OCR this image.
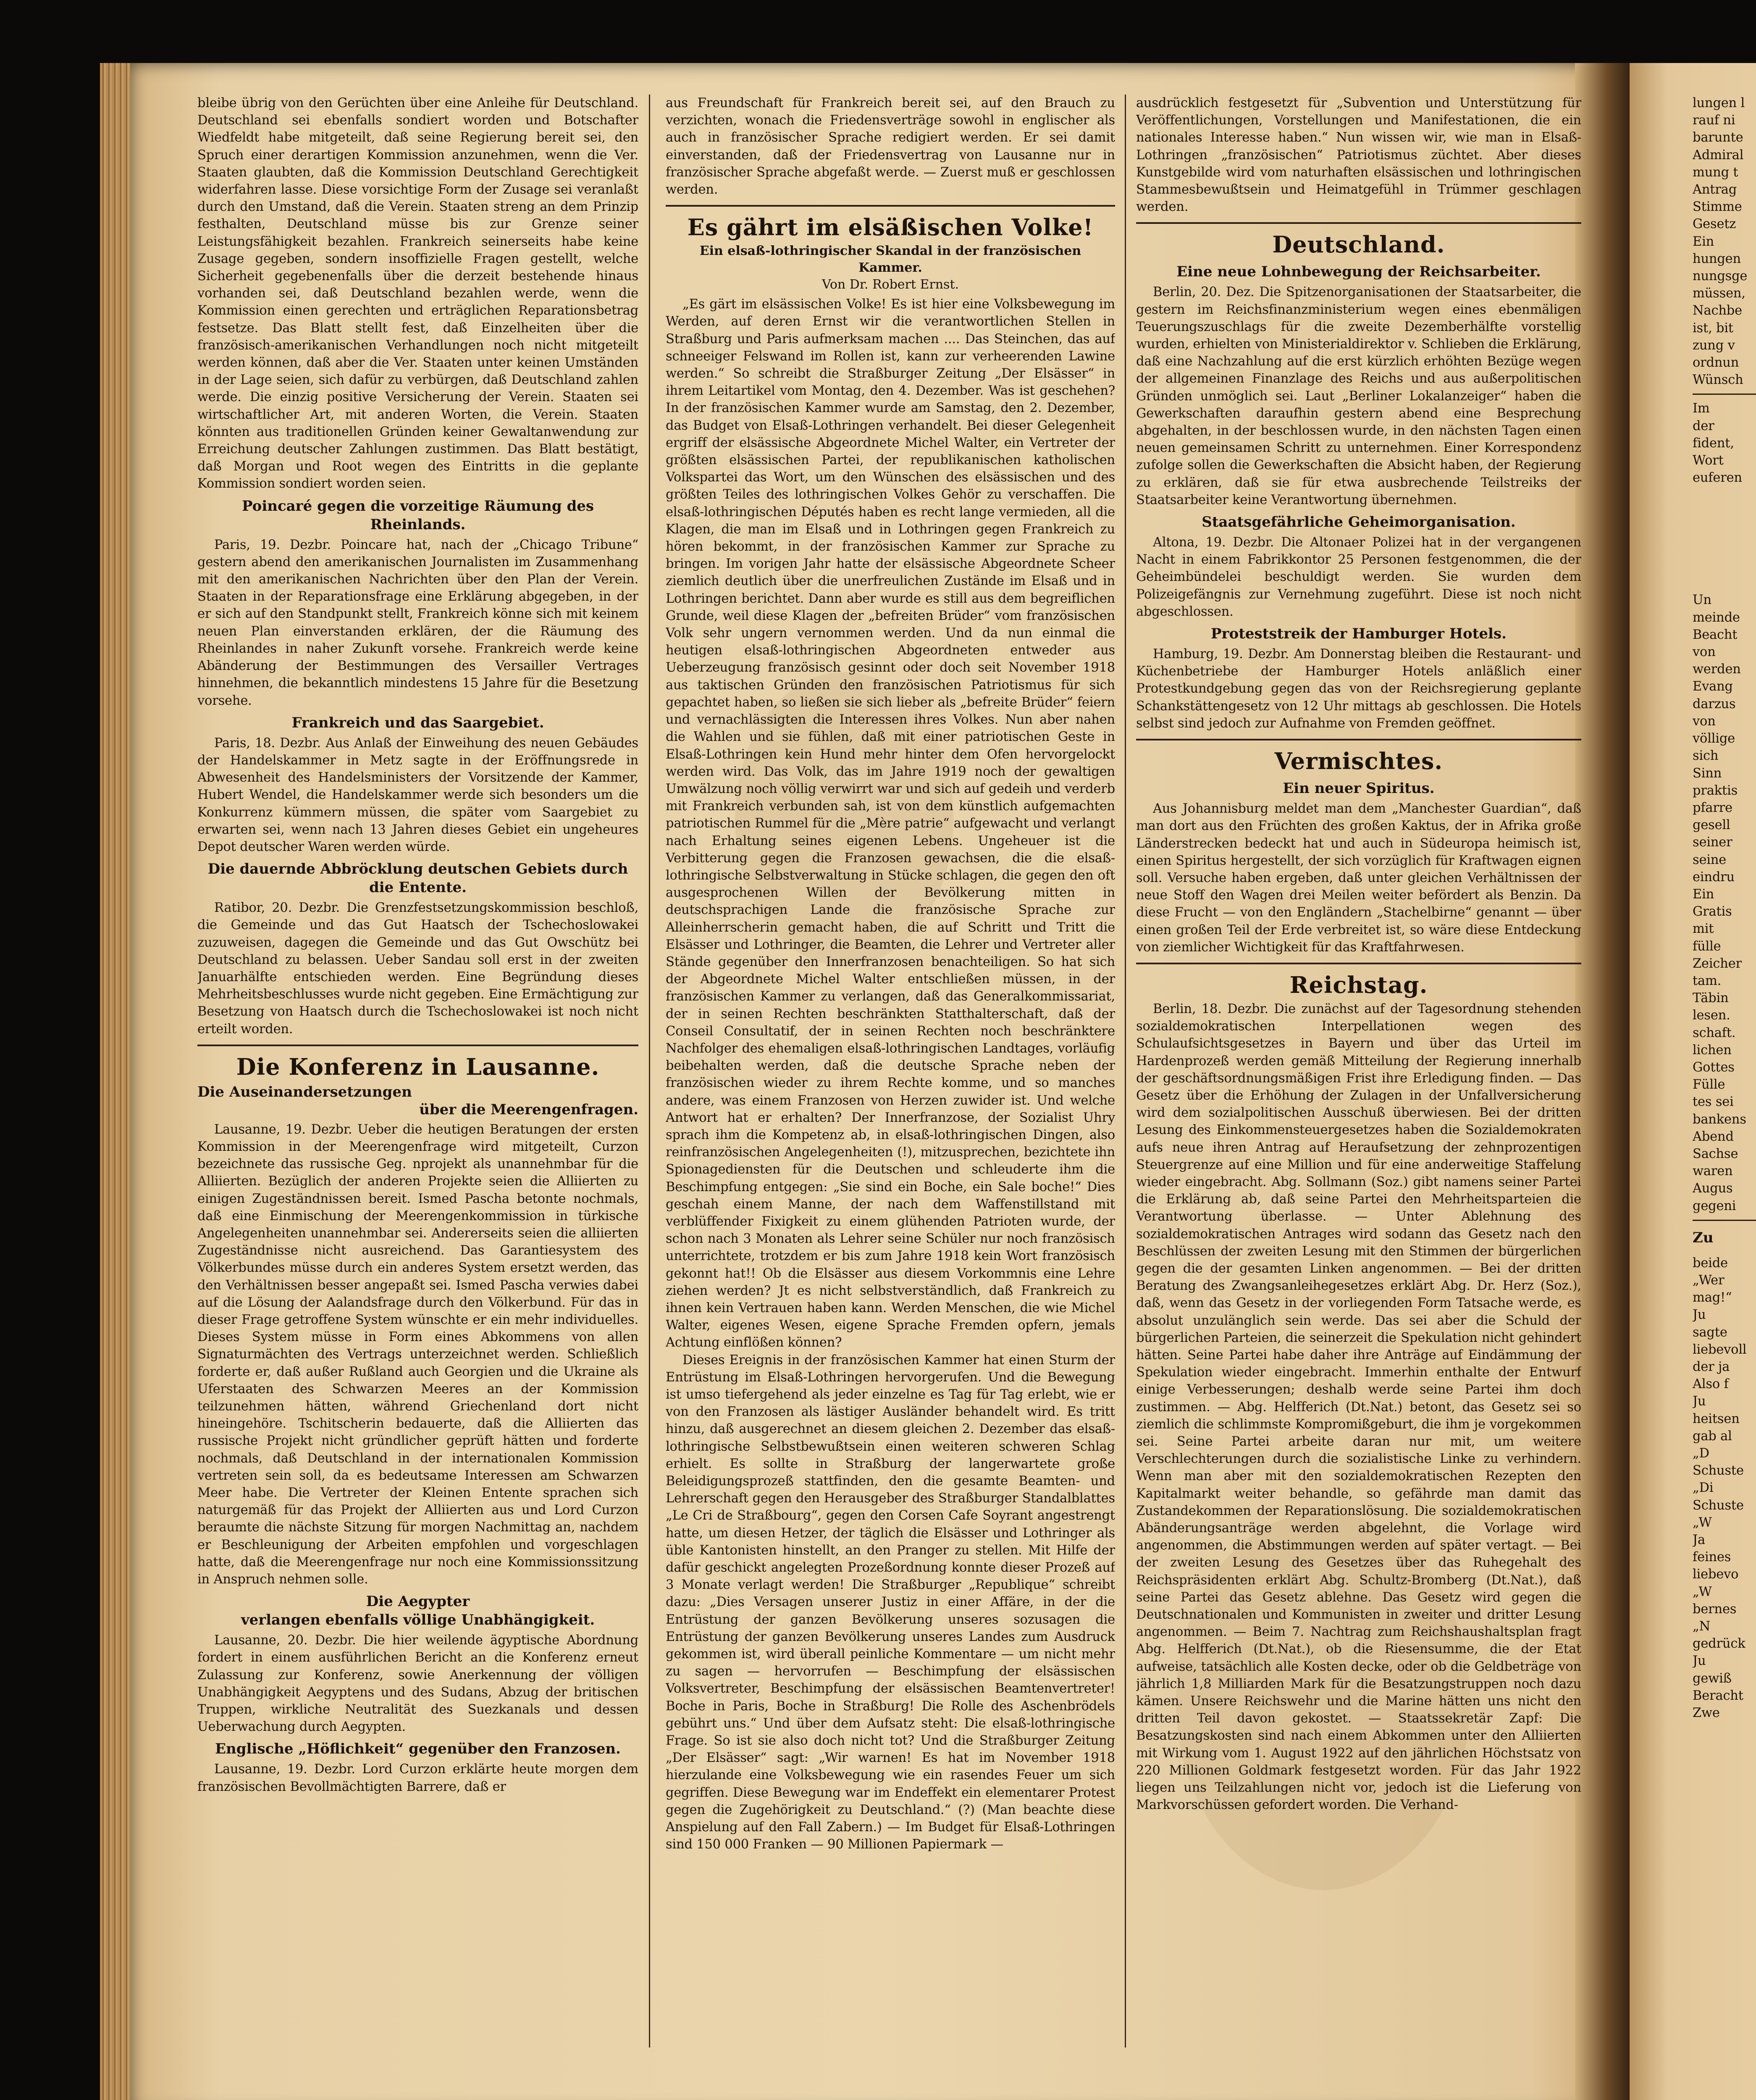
bleibe übrig von den Gerüchten über eine Anleihe für Deutschland. Deutschland sei ebenfalls sondiert worden und Botschafter Wiedfeldt habe mitgeteilt, daß seine Regierung bereit sei, den Spruch einer derartigen Kommission anzunehmen, wenn die Ver. Staaten glaubten, daß die Kommission Deutschland Gerechtigkeit widerfahren lasse. Diese vorsichtige Form der Zusage sei veranlaßt durch den Umstand, daß die Verein. Staaten streng an dem Prinzip festhalten, Deutschland müsse bis zur Grenze seiner Leistungsfähigkeit bezahlen. Frankreich seinerseits habe keine Zusage gegeben, sondern insoffizielle Fragen gestellt, welche Sicherheit gegebenenfalls über die derzeit bestehende hinaus vorhanden sei, daß Deutschland bezahlen werde, wenn die Kommission einen gerechten und erträglichen Reparationsbetrag festsetze. Das Blatt stellt fest, daß Einzelheiten über die französisch-amerikanischen Verhandlungen noch nicht mitgeteilt werden können, daß aber die Ver. Staaten unter keinen Umständen in der Lage seien, sich dafür zu verbürgen, daß Deutschland zahlen werde. Die einzig positive Versicherung der Verein. Staaten sei wirtschaftlicher Art, mit anderen Worten, die Verein. Staaten könnten aus traditionellen Gründen keiner Gewaltanwendung zur Erreichung deutscher Zahlungen zustimmen. Das Blatt bestätigt, daß Morgan und Root wegen des Eintritts in die geplante Kommission sondiert worden seien.

Poincaré gegen die vorzeitige Räumung des Rheinlands.

Paris, 19. Dezbr. Poincare hat, nach der „Chicago Tribune“ gestern abend den amerikanischen Journalisten im Zusammenhang mit den amerikanischen Nachrichten über den Plan der Verein. Staaten in der Reparationsfrage eine Erklärung abgegeben, in der er sich auf den Standpunkt stellt, Frankreich könne sich mit keinem neuen Plan einverstanden erklären, der die Räumung des Rheinlandes in naher Zukunft vorsehe. Frankreich werde keine Abänderung der Bestimmungen des Versailler Vertrages hinnehmen, die bekanntlich mindestens 15 Jahre für die Besetzung vorsehe.

Frankreich und das Saargebiet.

Paris, 18. Dezbr. Aus Anlaß der Einweihung des neuen Gebäudes der Handelskammer in Metz sagte in der Eröffnungsrede in Abwesenheit des Handelsministers der Vorsitzende der Kammer, Hubert Wendel, die Handelskammer werde sich besonders um die Konkurrenz kümmern müssen, die später vom Saargebiet zu erwarten sei, wenn nach 13 Jahren dieses Gebiet ein ungeheures Depot deutscher Waren werden würde.

Die dauernde Abbröcklung deutschen Gebiets durch die Entente.

Ratibor, 20. Dezbr. Die Grenzfestsetzungskommission beschloß, die Gemeinde und das Gut Haatsch der Tschechoslowakei zuzuweisen, dagegen die Gemeinde und das Gut Owschütz bei Deutschland zu belassen. Ueber Sandau soll erst in der zweiten Januarhälfte entschieden werden. Eine Begründung dieses Mehrheitsbeschlusses wurde nicht gegeben. Eine Ermächtigung zur Besetzung von Haatsch durch die Tschechoslowakei ist noch nicht erteilt worden.

Die Konferenz in Lausanne.
Die Auseinandersetzungen
über die Meerengenfragen.

Lausanne, 19. Dezbr. Ueber die heutigen Beratungen der ersten Kommission in der Meerengenfrage wird mitgeteilt, Curzon bezeichnete das russische Geg. nprojekt als unannehmbar für die Alliierten. Bezüglich der anderen Projekte seien die Alliierten zu einigen Zugeständnissen bereit. Ismed Pascha betonte nochmals, daß eine Einmischung der Meerengenkommission in türkische Angelegenheiten unannehmbar sei. Andererseits seien die alliierten Zugeständnisse nicht ausreichend. Das Garantiesystem des Völkerbundes müsse durch ein anderes System ersetzt werden, das den Verhältnissen besser angepaßt sei. Ismed Pascha verwies dabei auf die Lösung der Aalandsfrage durch den Völkerbund. Für das in dieser Frage getroffene System wünschte er ein mehr individuelles. Dieses System müsse in Form eines Abkommens von allen Signaturmächten des Vertrags unterzeichnet werden. Schließlich forderte er, daß außer Rußland auch Georgien und die Ukraine als Uferstaaten des Schwarzen Meeres an der Kommission teilzunehmen hätten, während Griechenland dort nicht hineingehöre. Tschitscherin bedauerte, daß die Alliierten das russische Projekt nicht gründlicher geprüft hätten und forderte nochmals, daß Deutschland in der internationalen Kommission vertreten sein soll, da es bedeutsame Interessen am Schwarzen Meer habe. Die Vertreter der Kleinen Entente sprachen sich naturgemäß für das Projekt der Alliierten aus und Lord Curzon beraumte die nächste Sitzung für morgen Nachmittag an, nachdem er Beschleunigung der Arbeiten empfohlen und vorgeschlagen hatte, daß die Meerengenfrage nur noch eine Kommissionssitzung in Anspruch nehmen solle.

Die Aegypter
verlangen ebenfalls völlige Unabhängigkeit.

Lausanne, 20. Dezbr. Die hier weilende ägyptische Abordnung fordert in einem ausführlichen Bericht an die Konferenz erneut Zulassung zur Konferenz, sowie Anerkennung der völligen Unabhängigkeit Aegyptens und des Sudans, Abzug der britischen Truppen, wirkliche Neutralität des Suezkanals und dessen Ueberwachung durch Aegypten.

Englische „Höflichkeit“ gegenüber den Franzosen.

Lausanne, 19. Dezbr. Lord Curzon erklärte heute morgen dem französischen Bevollmächtigten Barrere, daß er

aus Freundschaft für Frankreich bereit sei, auf den Brauch zu verzichten, wonach die Friedensverträge sowohl in englischer als auch in französischer Sprache redigiert werden. Er sei damit einverstanden, daß der Friedensvertrag von Lausanne nur in französischer Sprache abgefaßt werde. — Zuerst muß er geschlossen werden.

Es gährt im elsäßischen Volke!
Ein elsaß-lothringischer Skandal in der französischen Kammer.
Von Dr. Robert Ernst.

„Es gärt im elsässischen Volke! Es ist hier eine Volksbewegung im Werden, auf deren Ernst wir die verantwortlichen Stellen in Straßburg und Paris aufmerksam machen .... Das Steinchen, das auf schneeiger Felswand im Rollen ist, kann zur verheerenden Lawine werden.“ So schreibt die Straßburger Zeitung „Der Elsässer“ in ihrem Leitartikel vom Montag, den 4. Dezember. Was ist geschehen? In der französischen Kammer wurde am Samstag, den 2. Dezember, das Budget von Elsaß-Lothringen verhandelt. Bei dieser Gelegenheit ergriff der elsässische Abgeordnete Michel Walter, ein Vertreter der größten elsässischen Partei, der republikanischen katholischen Volkspartei das Wort, um den Wünschen des elsässischen und des größten Teiles des lothringischen Volkes Gehör zu verschaffen. Die elsaß-lothringischen Députés haben es recht lange vermieden, all die Klagen, die man im Elsaß und in Lothringen gegen Frankreich zu hören bekommt, in der französischen Kammer zur Sprache zu bringen. Im vorigen Jahr hatte der elsässische Abgeordnete Scheer ziemlich deutlich über die unerfreulichen Zustände im Elsaß und in Lothringen berichtet. Dann aber wurde es still aus dem begreiflichen Grunde, weil diese Klagen der „befreiten Brüder“ vom französischen Volk sehr ungern vernommen werden. Und da nun einmal die heutigen elsaß-lothringischen Abgeordneten entweder aus Ueberzeugung französisch gesinnt oder doch seit November 1918 aus taktischen Gründen den französischen Patriotismus für sich gepachtet haben, so ließen sie sich lieber als „befreite Brüder“ feiern und vernachlässigten die Interessen ihres Volkes. Nun aber nahen die Wahlen und sie fühlen, daß mit einer patriotischen Geste in Elsaß-Lothringen kein Hund mehr hinter dem Ofen hervorgelockt werden wird. Das Volk, das im Jahre 1919 noch der gewaltigen Umwälzung noch völlig verwirrt war und sich auf gedeih und verderb mit Frankreich verbunden sah, ist von dem künstlich aufgemachten patriotischen Rummel für die „Mère patrie“ aufgewacht und verlangt nach Erhaltung seines eigenen Lebens. Ungeheuer ist die Verbitterung gegen die Franzosen gewachsen, die die elsaß-lothringische Selbstverwaltung in Stücke schlagen, die gegen den oft ausgesprochenen Willen der Bevölkerung mitten in deutschsprachigen Lande die französische Sprache zur Alleinherrscherin gemacht haben, die auf Schritt und Tritt die Elsässer und Lothringer, die Beamten, die Lehrer und Vertreter aller Stände gegenüber den Innerfranzosen benachteiligen. So hat sich der Abgeordnete Michel Walter entschließen müssen, in der französischen Kammer zu verlangen, daß das Generalkommissariat, der in seinen Rechten beschränkten Statthalterschaft, daß der Conseil Consultatif, der in seinen Rechten noch beschränktere Nachfolger des ehemaligen elsaß-lothringischen Landtages, vorläufig beibehalten werden, daß die deutsche Sprache neben der französischen wieder zu ihrem Rechte komme, und so manches andere, was einem Franzosen von Herzen zuwider ist. Und welche Antwort hat er erhalten? Der Innerfranzose, der Sozialist Uhry sprach ihm die Kompetenz ab, in elsaß-lothringischen Dingen, also reinfranzösischen Angelegenheiten (!), mitzusprechen, bezichtete ihn Spionagediensten für die Deutschen und schleuderte ihm die Beschimpfung entgegen: „Sie sind ein Boche, ein Sale boche!“ Dies geschah einem Manne, der nach dem Waffenstillstand mit verblüffender Fixigkeit zu einem glühenden Patrioten wurde, der schon nach 3 Monaten als Lehrer seine Schüler nur noch französisch unterrichtete, trotzdem er bis zum Jahre 1918 kein Wort französisch gekonnt hat!! Ob die Elsässer aus diesem Vorkommnis eine Lehre ziehen werden? Jt es nicht selbstverständlich, daß Frankreich zu ihnen kein Vertrauen haben kann. Werden Menschen, die wie Michel Walter, eigenes Wesen, eigene Sprache Fremden opfern, jemals Achtung einflößen können?

Dieses Ereignis in der französischen Kammer hat einen Sturm der Entrüstung im Elsaß-Lothringen hervorgerufen. Und die Bewegung ist umso tiefergehend als jeder einzelne es Tag für Tag erlebt, wie er von den Franzosen als lästiger Ausländer behandelt wird. Es tritt hinzu, daß ausgerechnet an diesem gleichen 2. Dezember das elsaß-lothringische Selbstbewußtsein einen weiteren schweren Schlag erhielt. Es sollte in Straßburg der langerwartete große Beleidigungsprozeß stattfinden, den die gesamte Beamten- und Lehrerschaft gegen den Herausgeber des Straßburger Standalblattes „Le Cri de Straßbourg“, gegen den Corsen Cafe Soyrant angestrengt hatte, um diesen Hetzer, der täglich die Elsässer und Lothringer als üble Kantonisten hinstellt, an den Pranger zu stellen. Mit Hilfe der dafür geschickt angelegten Prozeßordnung konnte dieser Prozeß auf 3 Monate verlagt werden! Die Straßburger „Republique“ schreibt dazu: „Dies Versagen unserer Justiz in einer Affäre, in der die Entrüstung der ganzen Bevölkerung unseres sozusagen die Entrüstung der ganzen Bevölkerung unseres Landes zum Ausdruck gekommen ist, wird überall peinliche Kommentare — um nicht mehr zu sagen — hervorrufen — Beschimpfung der elsässischen Volksvertreter, Beschimpfung der elsässischen Beamtenvertreter! Boche in Paris, Boche in Straßburg! Die Rolle des Aschenbrödels gebührt uns.“ Und über dem Aufsatz steht: Die elsaß-lothringische Frage. So ist sie also doch nicht tot? Und die Straßburger Zeitung „Der Elsässer“ sagt: „Wir warnen! Es hat im November 1918 hierzulande eine Volksbewegung wie ein rasendes Feuer um sich gegriffen. Diese Bewegung war im Endeffekt ein elementarer Protest gegen die Zugehörigkeit zu Deutschland.“ (?) (Man beachte diese Anspielung auf den Fall Zabern.) — Im Budget für Elsaß-Lothringen sind 150 000 Franken — 90 Millionen Papiermark —

ausdrücklich festgesetzt für „Subvention und Unterstützung für Veröffentlichungen, Vorstellungen und Manifestationen, die ein nationales Interesse haben.“ Nun wissen wir, wie man in Elsaß-Lothringen „französischen“ Patriotismus züchtet. Aber dieses Kunstgebilde wird vom naturhaften elsässischen und lothringischen Stammesbewußtsein und Heimatgefühl in Trümmer geschlagen werden.

Deutschland.
Eine neue Lohnbewegung der Reichsarbeiter.

Berlin, 20. Dez. Die Spitzenorganisationen der Staatsarbeiter, die gestern im Reichsfinanzministerium wegen eines ebenmäligen Teuerungszuschlags für die zweite Dezemberhälfte vorstellig wurden, erhielten von Ministerialdirektor v. Schlieben die Erklärung, daß eine Nachzahlung auf die erst kürzlich erhöhten Bezüge wegen der allgemeinen Finanzlage des Reichs und aus außerpolitischen Gründen unmöglich sei. Laut „Berliner Lokalanzeiger“ haben die Gewerkschaften daraufhin gestern abend eine Besprechung abgehalten, in der beschlossen wurde, in den nächsten Tagen einen neuen gemeinsamen Schritt zu unternehmen. Einer Korrespondenz zufolge sollen die Gewerkschaften die Absicht haben, der Regierung zu erklären, daß sie für etwa ausbrechende Teilstreiks der Staatsarbeiter keine Verantwortung übernehmen.

Staatsgefährliche Geheimorganisation.

Altona, 19. Dezbr. Die Altonaer Polizei hat in der vergangenen Nacht in einem Fabrikkontor 25 Personen festgenommen, die der Geheimbündelei beschuldigt werden. Sie wurden dem Polizeigefängnis zur Vernehmung zugeführt. Diese ist noch nicht abgeschlossen.

Proteststreik der Hamburger Hotels.

Hamburg, 19. Dezbr. Am Donnerstag bleiben die Restaurant- und Küchenbetriebe der Hamburger Hotels anläßlich einer Protestkundgebung gegen das von der Reichsregierung geplante Schankstättengesetz von 12 Uhr mittags ab geschlossen. Die Hotels selbst sind jedoch zur Aufnahme von Fremden geöffnet.

Vermischtes.
Ein neuer Spiritus.

Aus Johannisburg meldet man dem „Manchester Guardian“, daß man dort aus den Früchten des großen Kaktus, der in Afrika große Länderstrecken bedeckt hat und auch in Südeuropa heimisch ist, einen Spiritus hergestellt, der sich vorzüglich für Kraftwagen eignen soll. Versuche haben ergeben, daß unter gleichen Verhältnissen der neue Stoff den Wagen drei Meilen weiter befördert als Benzin. Da diese Frucht — von den Engländern „Stachelbirne“ genannt — über einen großen Teil der Erde verbreitet ist, so wäre diese Entdeckung von ziemlicher Wichtigkeit für das Kraftfahrwesen.

Reichstag.

Berlin, 18. Dezbr. Die zunächst auf der Tagesordnung stehenden sozialdemokratischen Interpellationen wegen des Schulaufsichtsgesetzes in Bayern und über das Urteil im Hardenprozeß werden gemäß Mitteilung der Regierung innerhalb der geschäftsordnungsmäßigen Frist ihre Erledigung finden. — Das Gesetz über die Erhöhung der Zulagen in der Unfallversicherung wird dem sozialpolitischen Ausschuß überwiesen. Bei der dritten Lesung des Einkommensteuergesetzes haben die Sozialdemokraten aufs neue ihren Antrag auf Heraufsetzung der zehnprozentigen Steuergrenze auf eine Million und für eine anderweitige Staffelung wieder eingebracht. Abg. Sollmann (Soz.) gibt namens seiner Partei die Erklärung ab, daß seine Partei den Mehrheitsparteien die Verantwortung überlasse. — Unter Ablehnung des sozialdemokratischen Antrages wird sodann das Gesetz nach den Beschlüssen der zweiten Lesung mit den Stimmen der bürgerlichen gegen die der gesamten Linken angenommen. — Bei der dritten Beratung des Zwangsanleihegesetzes erklärt Abg. Dr. Herz (Soz.), daß, wenn das Gesetz in der vorliegenden Form Tatsache werde, es absolut unzulänglich sein werde. Das sei aber die Schuld der bürgerlichen Parteien, die seinerzeit die Spekulation nicht gehindert hätten. Seine Partei habe daher ihre Anträge auf Eindämmung der Spekulation wieder eingebracht. Immerhin enthalte der Entwurf einige Verbesserungen; deshalb werde seine Partei ihm doch zustimmen. — Abg. Helfferich (Dt.Nat.) betont, das Gesetz sei so ziemlich die schlimmste Kompromißgeburt, die ihm je vorgekommen sei. Seine Partei arbeite daran nur mit, um weitere Verschlechterungen durch die sozialistische Linke zu verhindern. Wenn man aber mit den sozialdemokratischen Rezepten den Kapitalmarkt weiter behandle, so gefährde man damit das Zustandekommen der Reparationslösung. Die sozialdemokratischen Abänderungsanträge werden abgelehnt, die Vorlage wird angenommen, die Abstimmungen werden auf später vertagt. — Bei der zweiten Lesung des Gesetzes über das Ruhegehalt des Reichspräsidenten erklärt Abg. Schultz-Bromberg (Dt.Nat.), daß seine Partei das Gesetz ablehne. Das Gesetz wird gegen die Deutschnationalen und Kommunisten in zweiter und dritter Lesung angenommen. — Beim 7. Nachtrag zum Reichshaushaltsplan fragt Abg. Helfferich (Dt.Nat.), ob die Riesensumme, die der Etat aufweise, tatsächlich alle Kosten decke, oder ob die Geldbeträge von jährlich 1,8 Milliarden Mark für die Besatzungstruppen noch dazu kämen. Unsere Reichswehr und die Marine hätten uns nicht den dritten Teil davon gekostet. — Staatssekretär Zapf: Die Besatzungskosten sind nach einem Abkommen unter den Alliierten mit Wirkung vom 1. August 1922 auf den jährlichen Höchstsatz von 220 Millionen Goldmark festgesetzt worden. Für das Jahr 1922 liegen uns Teilzahlungen nicht vor, jedoch ist die Lieferung von Markvorschüssen gefordert worden. Die Verhand-

lungen l
rauf ni
barunte
Admiral
mung t
Antrag
Stimme
Gesetz
Ein
hungen
nungsge
müssen,
Nachbe
ist, bit
zung v
ordnun
Wünsch
Im
der
fident,
Wort
euferen
Un
meinde
Beacht
von
werden
Evang
darzus
von
völlige
sich
Sinn
praktis
pfarre
gesell
seiner
seine
eindru
Ein
Gratis
mit
fülle
Zeicher
tam.
Täbin
lesen.
schaft.
lichen
Gottes
Fülle
tes sei
bankens
Abend
Sachse
waren
Augus
gegeni
Zu
beide
„Wer
mag!“
Ju
sagte
liebevoll
der ja
Also f
Ju
heitsen
gab al
„D
Schuste
„Di
Schuste
„W
Ja
feines
liebevo
„W
bernes
„N
gedrück
Ju
gewiß
Beracht
Zwe
